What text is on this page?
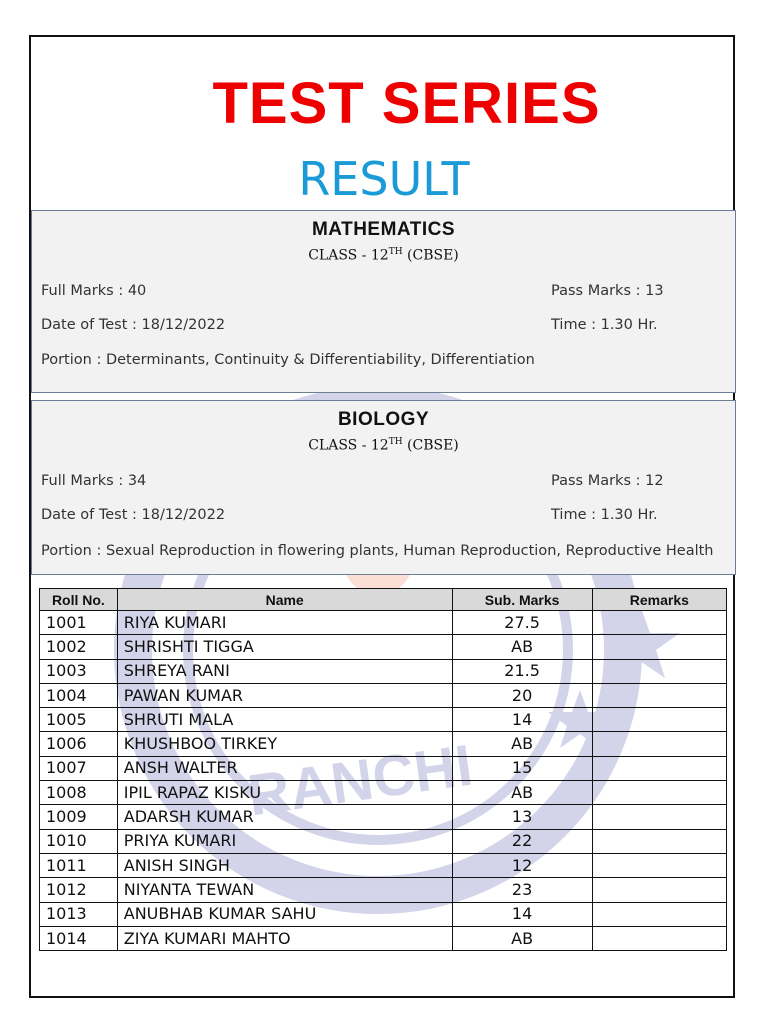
RANCHI
TEST SERIES
RESULT
MATHEMATICS
CLASS - 12TH (CBSE)
Full Marks : 40	Pass Marks : 13
Date of Test : 18/12/2022	Time : 1.30 Hr.
Portion : Determinants, Continuity & Differentiability, Differentiation
BIOLOGY
CLASS - 12TH (CBSE)
Full Marks : 34	Pass Marks : 12
Date of Test : 18/12/2022	Time : 1.30 Hr.
Portion : Sexual Reproduction in flowering plants, Human Reproduction, Reproductive Health
Roll No.	Name	Sub. Marks	Remarks
1001	RIYA KUMARI	27.5	
1002	SHRISHTI TIGGA	AB	
1003	SHREYA RANI	21.5	
1004	PAWAN KUMAR	20	
1005	SHRUTI MALA	14	
1006	KHUSHBOO TIRKEY	AB	
1007	ANSH WALTER	15	
1008	IPIL RAPAZ KISKU	AB	
1009	ADARSH KUMAR	13	
1010	PRIYA KUMARI	22	
1011	ANISH SINGH	12	
1012	NIYANTA TEWAN	23	
1013	ANUBHAB KUMAR SAHU	14	
1014	ZIYA KUMARI MAHTO	AB	
